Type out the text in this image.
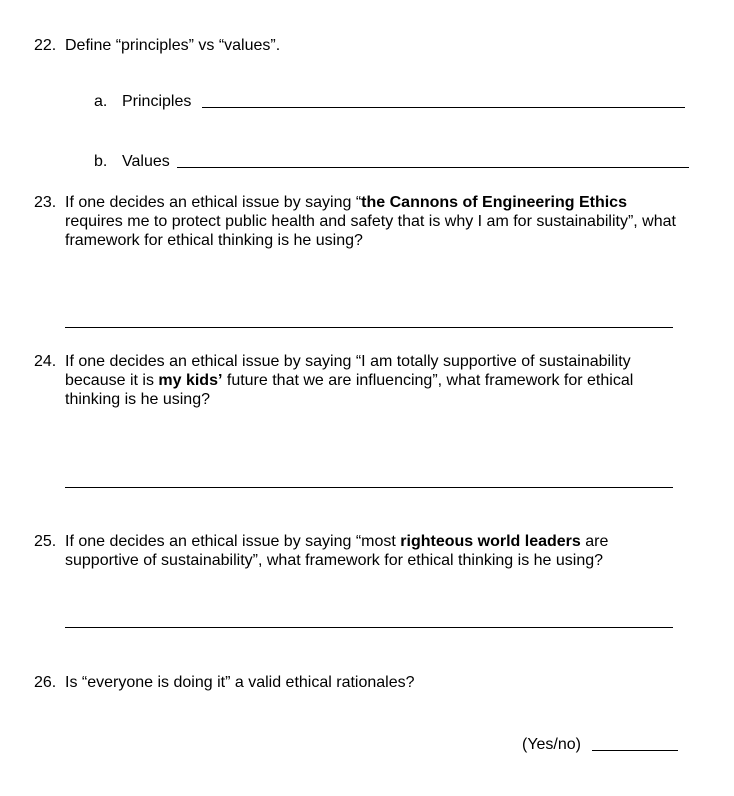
22. Define “principles” vs “values”.
a. Principles
b. Values
23. If one decides an ethical issue by saying “the Cannons of Engineering Ethics requires me to protect public health and safety that is why I am for sustainability”, what framework for ethical thinking is he using?
24. If one decides an ethical issue by saying “I am totally supportive of sustainability because it is my kids’ future that we are influencing”, what framework for ethical thinking is he using?
25. If one decides an ethical issue by saying “most righteous world leaders are supportive of sustainability”, what framework for ethical thinking is he using?
26. Is “everyone is doing it” a valid ethical rationales?
(Yes/no)
